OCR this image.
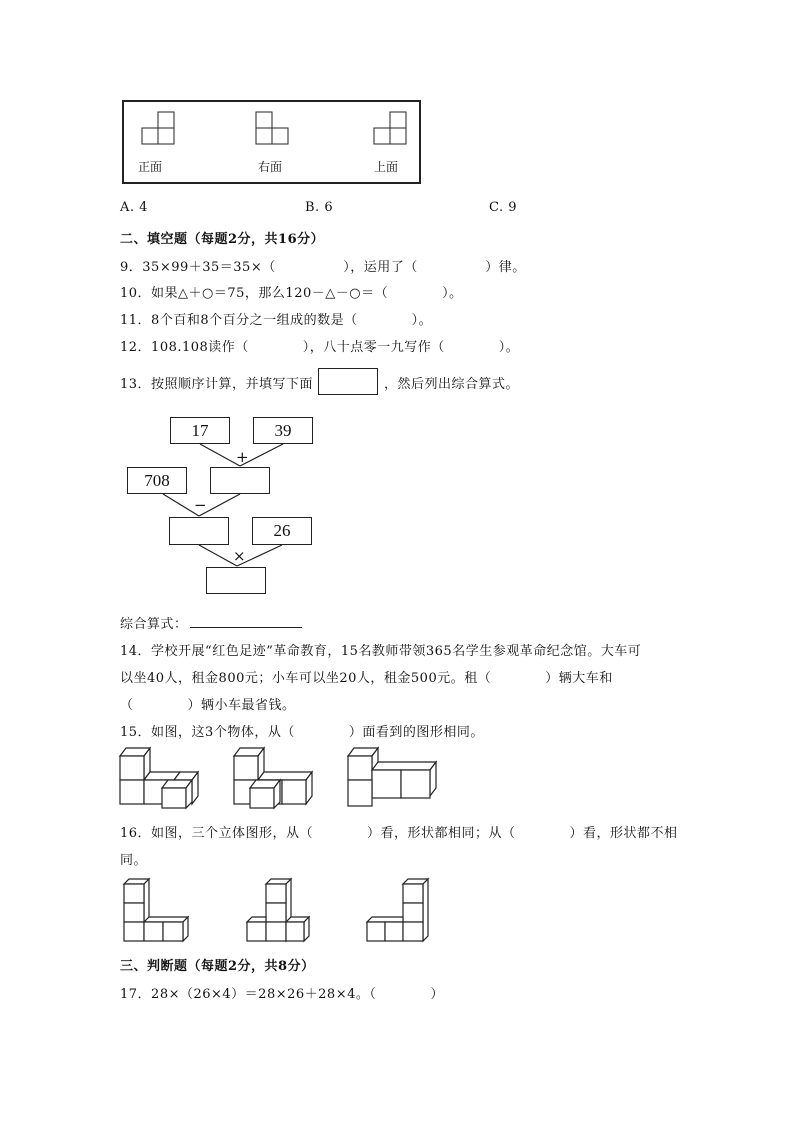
正面	右面	上面
A. 4	B. 6	C. 9
二、填空题（每题2分，共16分）
9．35×99＋35＝35×（　　　　　），运用了（　　　　　）律。
10．如果△＋○＝75，那么120－△－○＝（　　　　）。
11．8个百和8个百分之一组成的数是（　　　　）。
12．108.108读作（　　　　），八十点零一九写作（　　　　）。
13．按照顺序计算，并填写下面	，然后列出综合算式。
17	39
+
708
−
26
×
综合算式：
14．学校开展“红色足迹”革命教育，15名教师带领365名学生参观革命纪念馆。大车可
以坐40人，租金800元；小车可以坐20人，租金500元。租（　　　　）辆大车和
（　　　　）辆小车最省钱。
15．如图，这3个物体，从（　　　　）面看到的图形相同。
16．如图，三个立体图形，从（　　　　）看，形状都相同；从（　　　　）看，形状都不相
同。
三、判断题（每题2分，共8分）
17．28×（26×4）＝28×26＋28×4。（　　　　）
